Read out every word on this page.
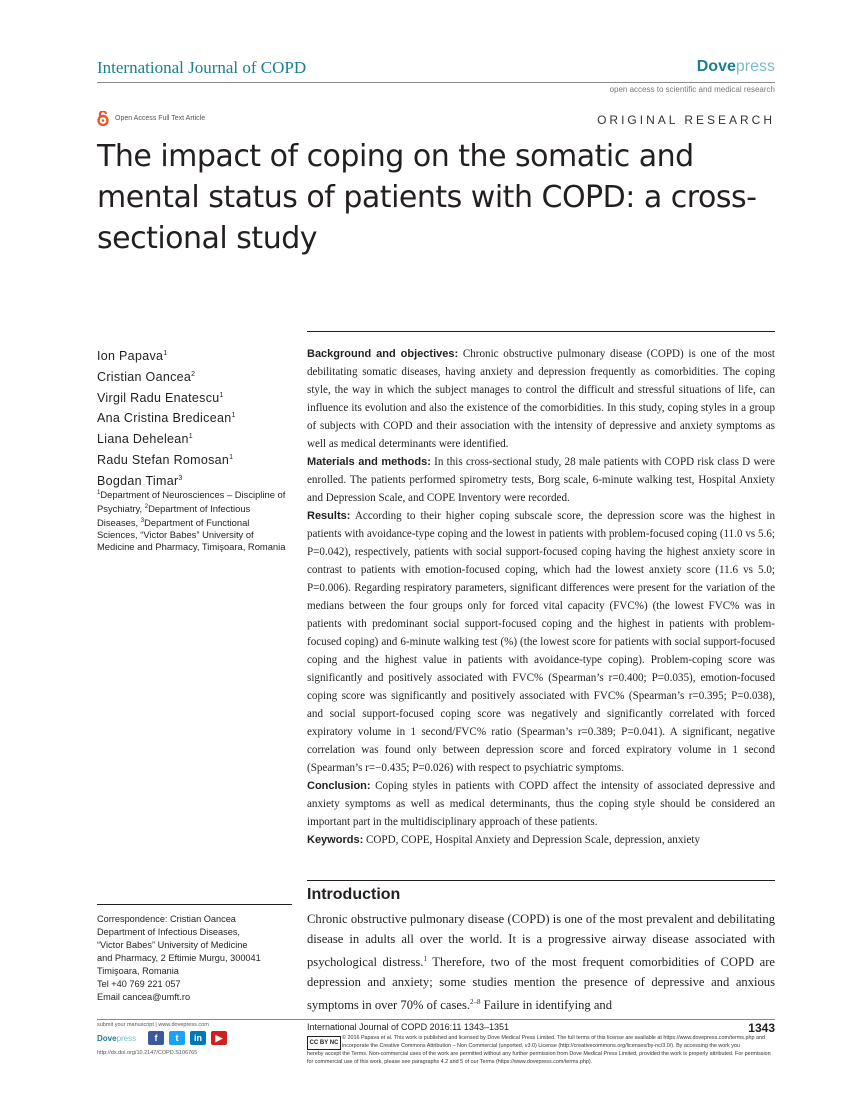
International Journal of COPD	Dovepress
open access to scientific and medical research
Open Access Full Text Article	ORIGINAL RESEARCH
The impact of coping on the somatic and mental status of patients with COPD: a cross-sectional study
Ion Papava$^1$
Cristian Oancea$^2$
Virgil Radu Enatescu$^1$
Ana Cristina Bredicean$^1$
Liana Dehelean$^1$
Radu Stefan Romosan$^1$
Bogdan Timar$^3$
$^1$Department of Neurosciences – Discipline of Psychiatry, $^2$Department of Infectious Diseases, $^3$Department of Functional Sciences, “Victor Babes” University of Medicine and Pharmacy, Timişoara, Romania

Background and objectives: Chronic obstructive pulmonary disease (COPD) is one of the most debilitating somatic diseases, having anxiety and depression frequently as comorbidities. The coping style, the way in which the subject manages to control the difficult and stressful situations of life, can influence its evolution and also the existence of the comorbidities. In this study, coping styles in a group of subjects with COPD and their association with the intensity of depressive and anxiety symptoms as well as medical determinants were identified.

Materials and methods: In this cross-sectional study, 28 male patients with COPD risk class D were enrolled. The patients performed spirometry tests, Borg scale, 6-minute walking test, Hospital Anxiety and Depression Scale, and COPE Inventory were recorded.

Results: According to their higher coping subscale score, the depression score was the highest in patients with avoidance-type coping and the lowest in patients with problem-focused coping (11.0 vs 5.6; P=0.042), respectively, patients with social support-focused coping having the highest anxiety score in contrast to patients with emotion-focused coping, which had the lowest anxiety score (11.6 vs 5.0; P=0.006). Regarding respiratory parameters, significant differences were present for the variation of the medians between the four groups only for forced vital capacity (FVC%) (the lowest FVC% was in patients with predominant social support-focused coping and the highest in patients with problem-focused coping) and 6-minute walking test (%) (the lowest score for patients with social support-focused coping and the highest value in patients with avoidance-type coping). Problem-coping score was significantly and positively associated with FVC% (Spearman’s r=0.400; P=0.035), emotion-focused coping score was significantly and positively associated with FVC% (Spearman’s r=0.395; P=0.038), and social support-focused coping score was negatively and significantly correlated with forced expiratory volume in 1 second/FVC% ratio (Spearman’s r=0.389; P=0.041). A significant, negative correlation was found only between depression score and forced expiratory volume in 1 second (Spearman’s r=−0.435; P=0.026) with respect to psychiatric symptoms.

Conclusion: Coping styles in patients with COPD affect the intensity of associated depressive and anxiety symptoms as well as medical determinants, thus the coping style should be considered an important part in the multidisciplinary approach of these patients.

Keywords: COPD, COPE, Hospital Anxiety and Depression Scale, depression, anxiety

Introduction
Chronic obstructive pulmonary disease (COPD) is one of the most prevalent and debilitating disease in adults all over the world. It is a progressive airway disease associated with psychological distress.$^1$ Therefore, two of the most frequent comorbidities of COPD are depression and anxiety; some studies mention the presence of depressive and anxious symptoms in over 70% of cases.$^{2-8}$ Failure in identifying and
Correspondence: Cristian Oancea
Department of Infectious Diseases,
“Victor Babes” University of Medicine
and Pharmacy, 2 Eftimie Murgu, 300041
Timişoara, Romania
Tel +40 769 221 057
Email cancea@umft.ro
submit your manuscript | www.dovepress.com
Dovepress	f	t	in	▶
http://dx.doi.org/10.2147/COPD.S106765
International Journal of COPD 2016:11 1343–1351	1343
CC BY NC
© 2016 Papava et al. This work is published and licensed by Dove Medical Press Limited. The full terms of this license are available at https://www.dovepress.com/terms.php and incorporate the Creative Commons Attribution – Non Commercial (unported, v3.0) License (http://creativecommons.org/licenses/by-nc/3.0/). By accessing the work you
hereby accept the Terms. Non-commercial uses of the work are permitted without any further permission from Dove Medical Press Limited, provided the work is properly attributed. For permission for commercial use of this work, please see paragraphs 4.2 and 5 of our Terms (https://www.dovepress.com/terms.php).
